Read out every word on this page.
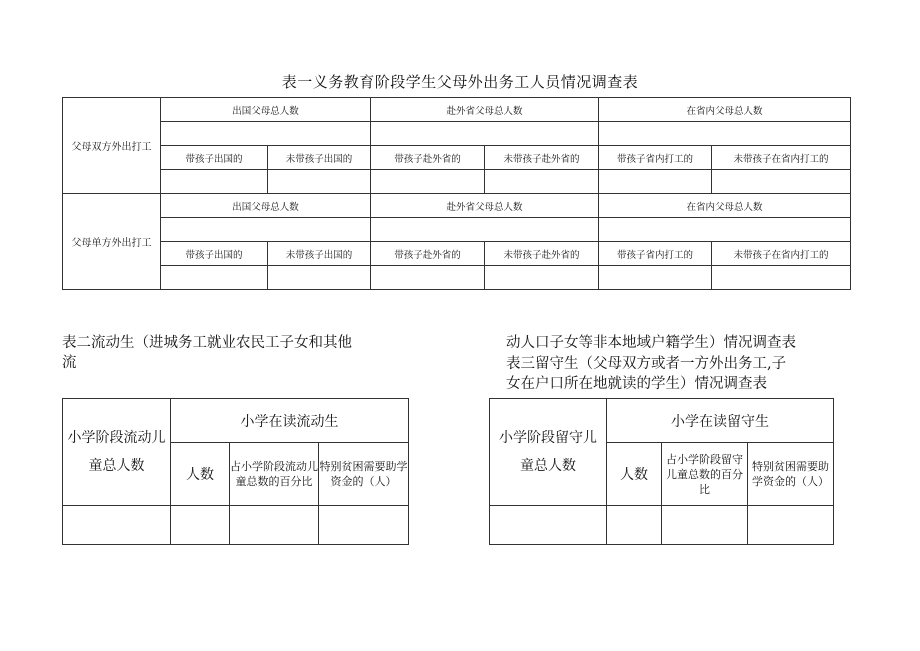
表一义务教育阶段学生父母外出务工人员情况调查表
父母双方外出打工	出国父母总人数		赴外省父母总人数		在省内父母总人数	

	带孩子出国的	未带孩子出国的	带孩子赴外省的	未带孩子赴外省的	带孩子省内打工的	未带孩子在省内打工的

父母单方外出打工	出国父母总人数		赴外省父母总人数		在省内父母总人数	

	带孩子出国的	未带孩子出国的	带孩子赴外省的	未带孩子赴外省的	带孩子省内打工的	未带孩子在省内打工的

表二流动生（进城务工就业农民工子女和其他
流
动人口子女等非本地域户籍学生）情况调查表
表三留守生（父母双方或者一方外出务工,子
女在户口所在地就读的学生）情况调查表
小学阶段流动儿
童总人数	小学在读流动生		
	人数	占小学阶段流动儿童总数的百分比	特别贫困需要助学资金的（人）

小学阶段留守儿
童总人数	小学在读留守生		
	人数	占小学阶段留守儿童总数的百分比	特别贫困需要助学资金的（人）
